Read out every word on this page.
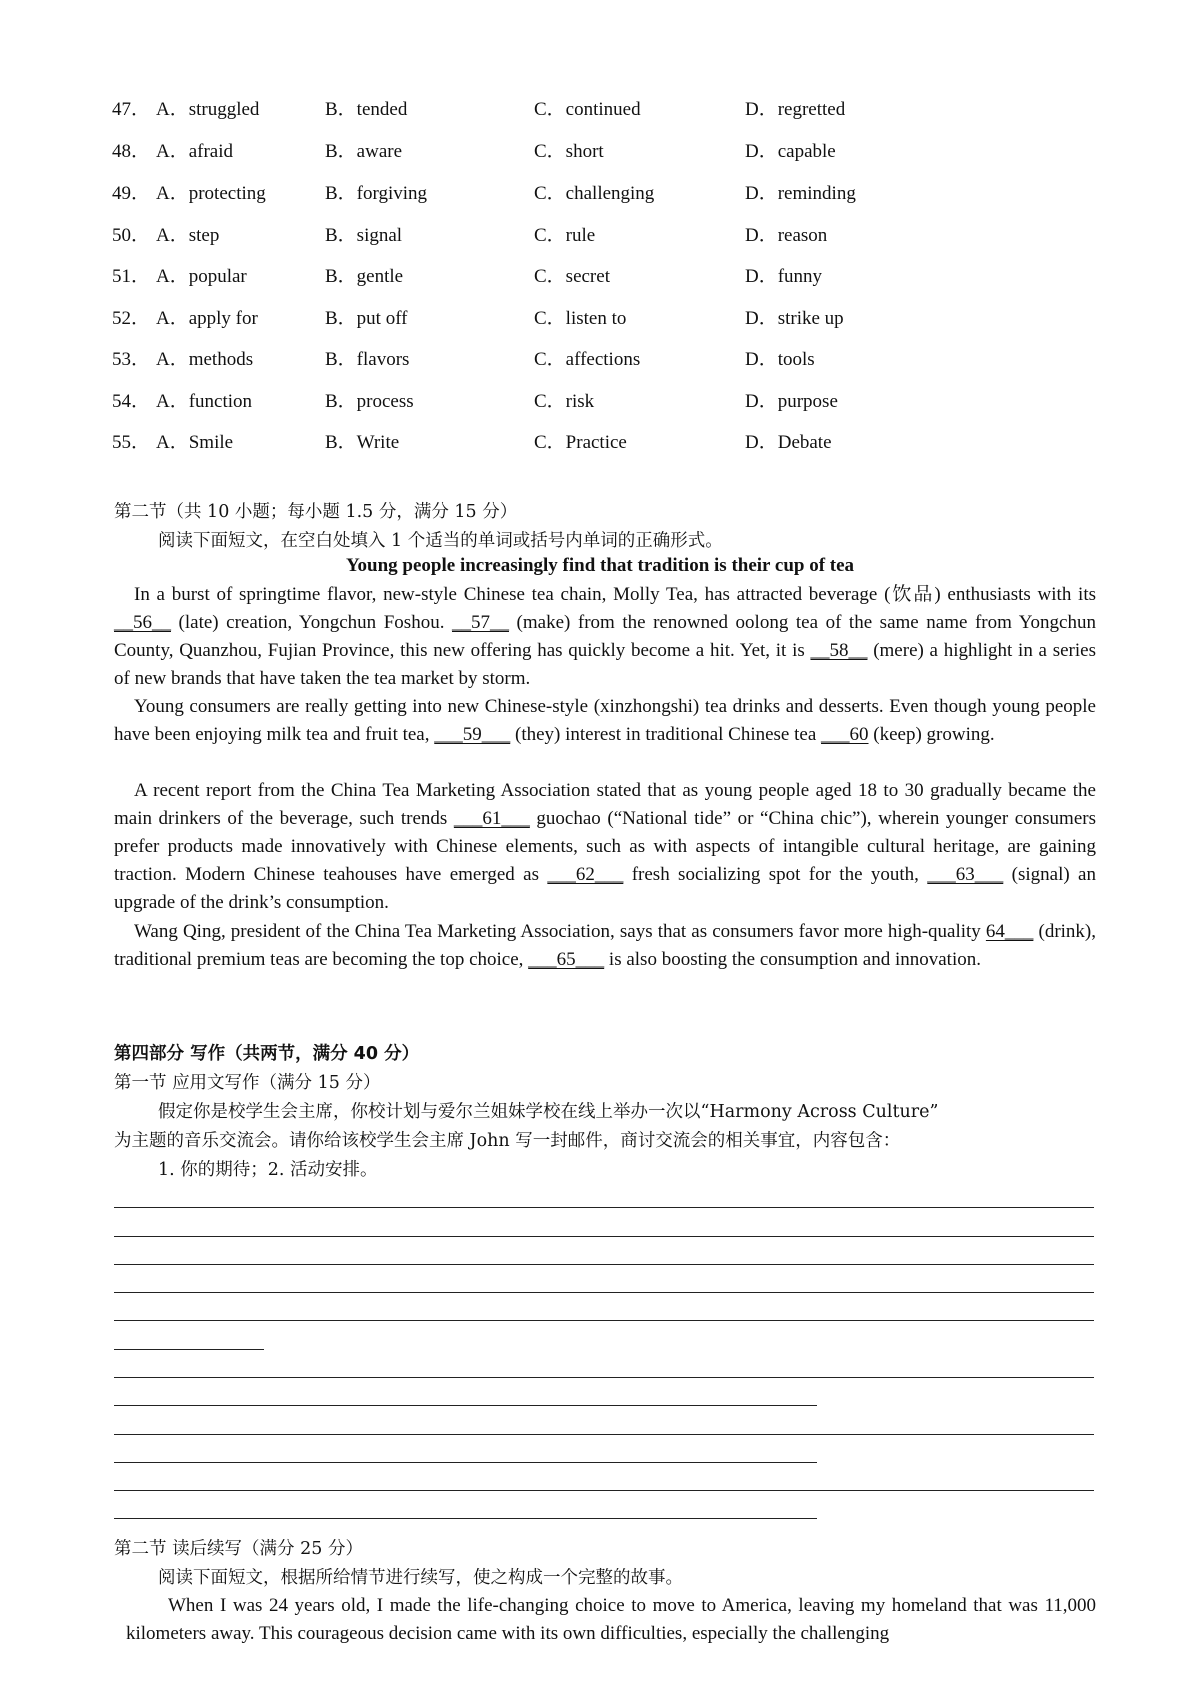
47． A．struggled	B．tended	C．continued	D．regretted
48． A．afraid	B．aware	C．short	D．capable
49． A．protecting	B．forgiving	C．challenging	D．reminding
50． A．step	B．signal	C．rule	D．reason
51． A．popular	B．gentle	C．secret	D．funny
52． A．apply for	B．put off	C．listen to	D．strike up
53． A．methods	B．flavors	C．affections	D．tools
54． A．function	B．process	C．risk	D．purpose
55． A．Smile	B．Write	C．Practice	D．Debate
第二节（共 10 小题；每小题 1.5 分，满分 15 分）
阅读下面短文，在空白处填入 1 个适当的单词或括号内单词的正确形式。
Young people increasingly find that tradition is their cup of tea
In a burst of springtime flavor, new-style Chinese tea chain, Molly Tea, has attracted beverage (饮品) enthusiasts with its __56__ (late) creation, Yongchun Foshou. __57__ (make) from the renowned oolong tea of the same name from Yongchun County, Quanzhou, Fujian Province, this new offering has quickly become a hit. Yet, it is __58__ (mere) a highlight in a series of new brands that have taken the tea market by storm.
Young consumers are really getting into new Chinese-style (xinzhongshi) tea drinks and desserts. Even though young people have been enjoying milk tea and fruit tea, ___59___ (they) interest in traditional Chinese tea ___60 (keep) growing.
A recent report from the China Tea Marketing Association stated that as young people aged 18 to 30 gradually became the main drinkers of the beverage, such trends ___61___ guochao (“National tide” or “China chic”), wherein younger consumers prefer products made innovatively with Chinese elements, such as with aspects of intangible cultural heritage, are gaining traction. Modern Chinese teahouses have emerged as ___62___ fresh socializing spot for the youth, ___63___ (signal) an upgrade of the drink’s consumption.
Wang Qing, president of the China Tea Marketing Association, says that as consumers favor more high-quality 64___ (drink), traditional premium teas are becoming the top choice, ___65___ is also boosting the consumption and innovation.
第四部分 写作（共两节，满分 40 分）
第一节 应用文写作（满分 15 分）
假定你是校学生会主席，你校计划与爱尔兰姐妹学校在线上举办一次以“Harmony Across Culture”
为主题的音乐交流会。请你给该校学生会主席 John 写一封邮件，商讨交流会的相关事宜，内容包含：
1. 你的期待；2. 活动安排。
第二节 读后续写（满分 25 分）
阅读下面短文，根据所给情节进行续写，使之构成一个完整的故事。
When I was 24 years old, I made the life-changing choice to move to America, leaving my homeland that was 11,000 kilometers away. This courageous decision came with its own difficulties, especially the challenging
